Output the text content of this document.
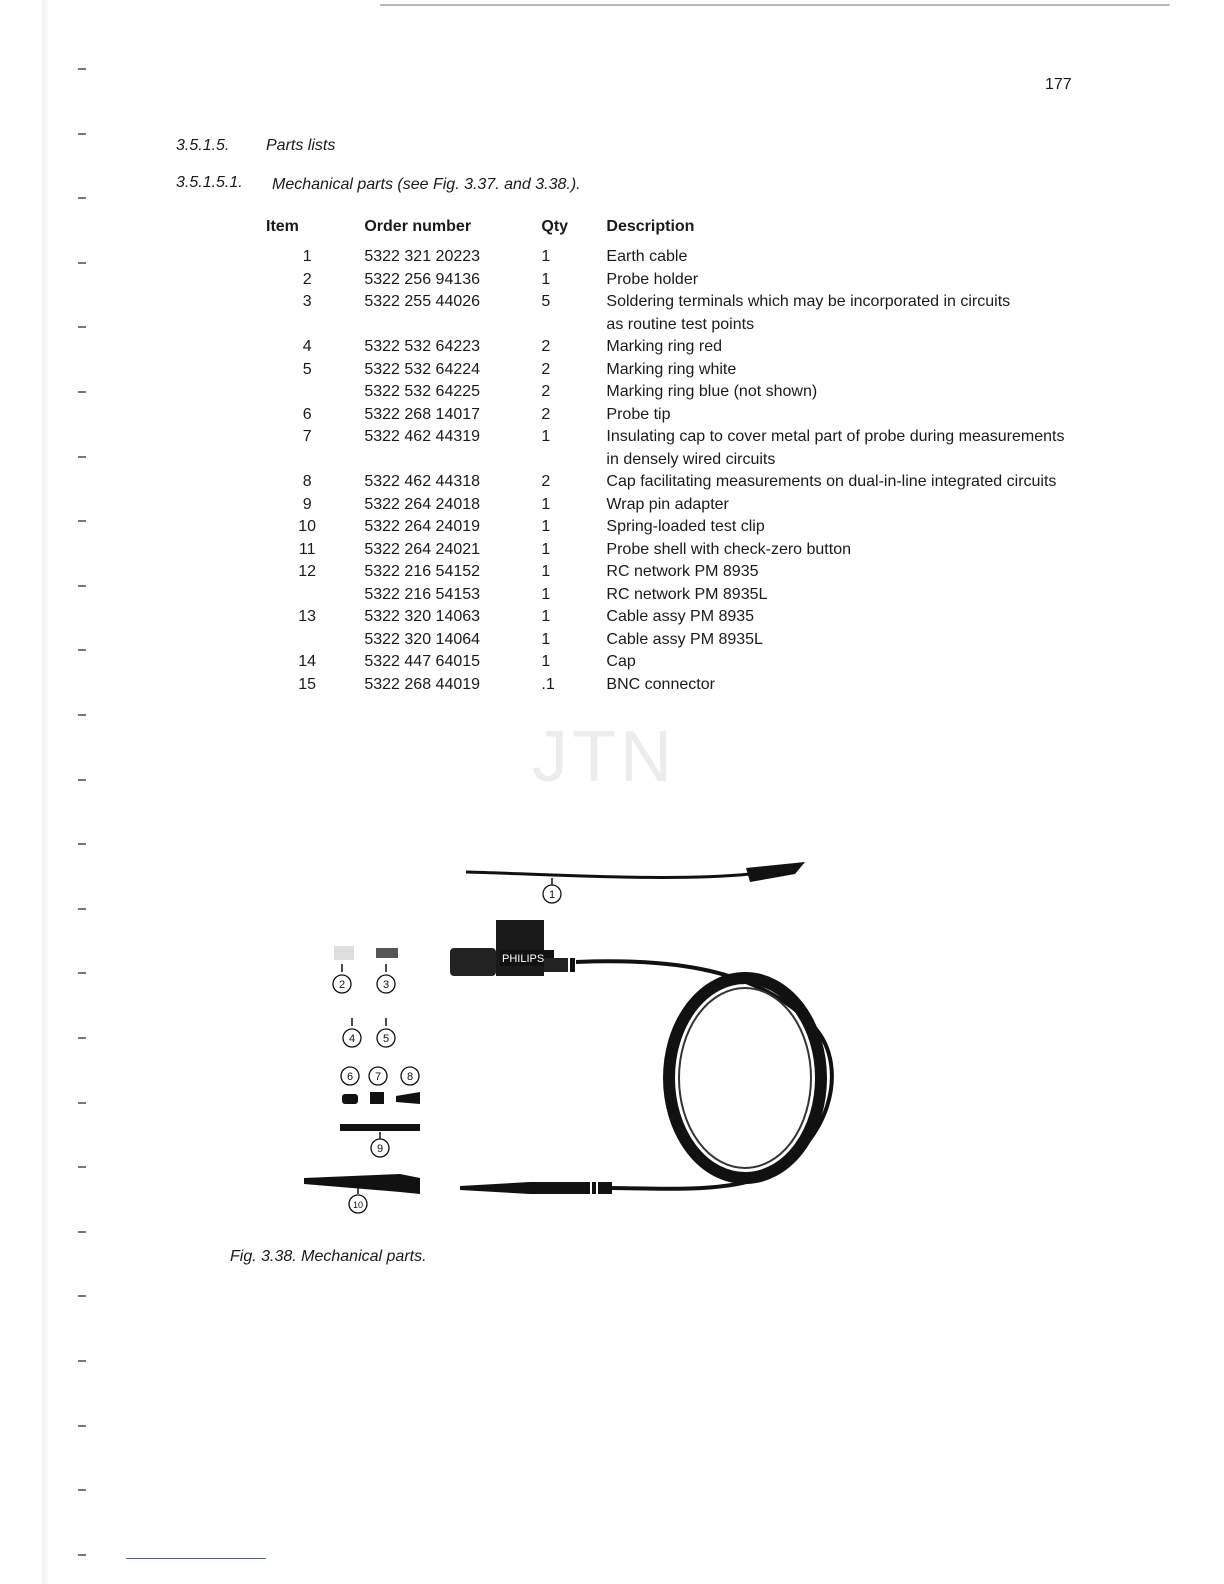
177
3.5.1.5. Parts lists
3.5.1.5.1. Mechanical parts (see Fig. 3.37. and 3.38.).
Item	Order number	Qty	Description
1	5322 321 20223	1	Earth cable

2	5322 256 94136	1	Probe holder

3	5322 255 44026	5	Soldering terminals which may be incorporated in circuits
as routine test points

4	5322 532 64223	2	Marking ring red

5	5322 532 64224	2	Marking ring white

	5322 532 64225	2	Marking ring blue (not shown)

6	5322 268 14017	2	Probe tip

7	5322 462 44319	1	Insulating cap to cover metal part of probe during measurements
in densely wired circuits

8	5322 462 44318	2	Cap facilitating measurements on dual-in-line integrated circuits

9	5322 264 24018	1	Wrap pin adapter

10	5322 264 24019	1	Spring-loaded test clip

11	5322 264 24021	1	Probe shell with check-zero button

12	5322 216 54152	1	RC network PM 8935

	5322 216 54153	1	RC network PM 8935L

13	5322 320 14063	1	Cable assy PM 8935

	5322 320 14064	1	Cable assy PM 8935L

14	5322 447 64015	1	Cap

15	5322 268 44019	.1	BNC connector
JTN
PHILIPS
1
2	3
4	5
6 7 8
9
10
Fig. 3.38. Mechanical parts.
